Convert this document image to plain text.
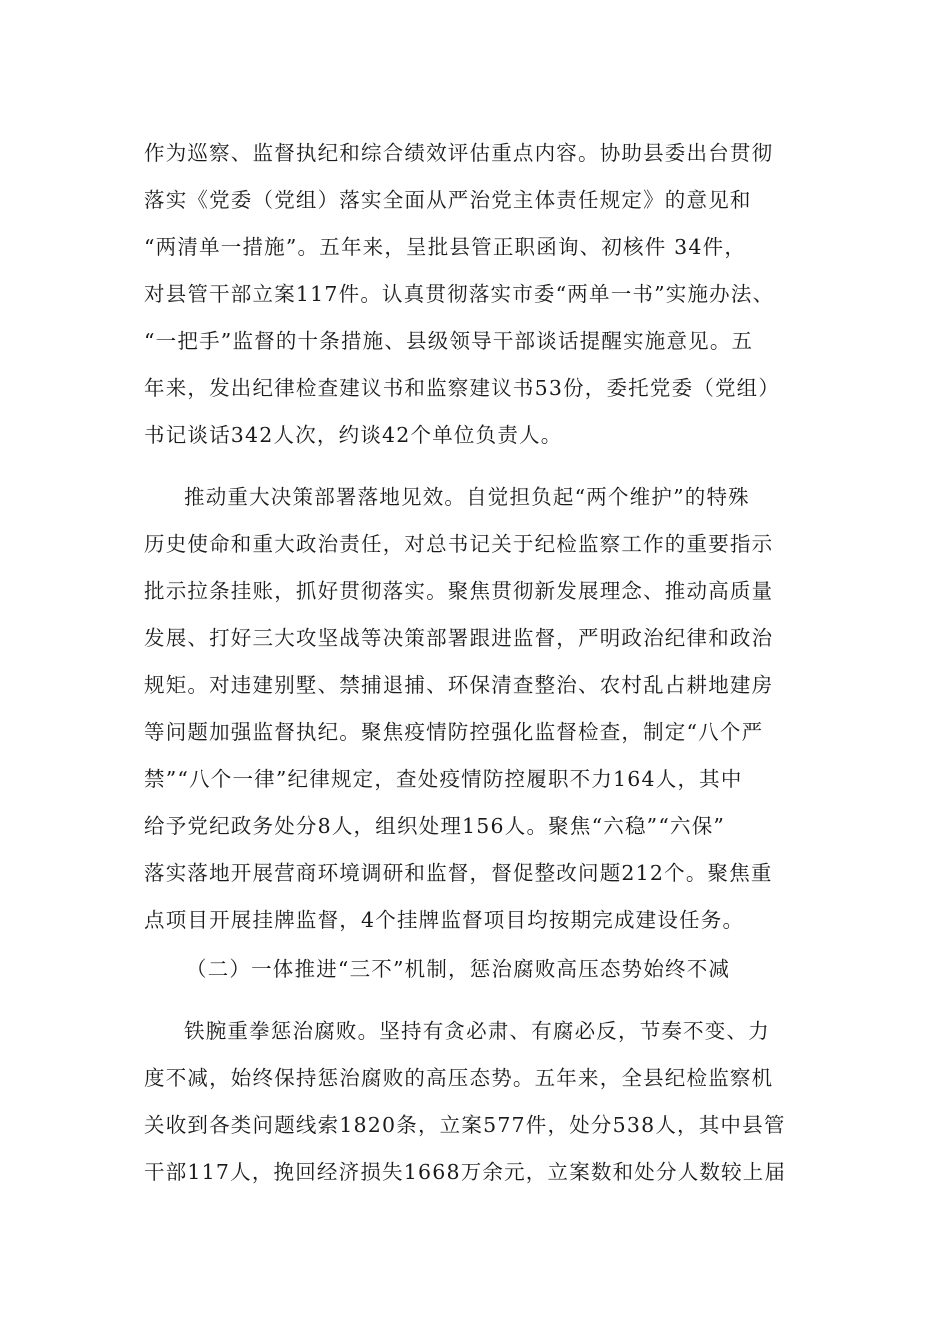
作为巡察、监督执纪和综合绩效评估重点内容。协助县委出台贯彻
落实《党委（党组）落实全面从严治党主体责任规定》的意见和
“两清单一措施”。五年来，呈批县管正职函询、初核件 34件，
对县管干部立案117件。认真贯彻落实市委“两单一书”实施办法、
“一把手”监督的十条措施、县级领导干部谈话提醒实施意见。五
年来，发出纪律检查建议书和监察建议书53份，委托党委（党组）
书记谈话342人次，约谈42个单位负责人。
推动重大决策部署落地见效。自觉担负起“两个维护”的特殊
历史使命和重大政治责任，对总书记关于纪检监察工作的重要指示
批示拉条挂账，抓好贯彻落实。聚焦贯彻新发展理念、推动高质量
发展、打好三大攻坚战等决策部署跟进监督，严明政治纪律和政治
规矩。对违建别墅、禁捕退捕、环保清查整治、农村乱占耕地建房
等问题加强监督执纪。聚焦疫情防控强化监督检查，制定“八个严
禁”“八个一律”纪律规定，查处疫情防控履职不力164人，其中
给予党纪政务处分8人，组织处理156人。聚焦“六稳”“六保”
落实落地开展营商环境调研和监督，督促整改问题212个。聚焦重
点项目开展挂牌监督，4个挂牌监督项目均按期完成建设任务。
（二）一体推进“三不”机制，惩治腐败高压态势始终不减
铁腕重拳惩治腐败。坚持有贪必肃、有腐必反，节奏不变、力
度不减，始终保持惩治腐败的高压态势。五年来，全县纪检监察机
关收到各类问题线索1820条，立案577件，处分538人，其中县管
干部117人，挽回经济损失1668万余元，立案数和处分人数较上届
